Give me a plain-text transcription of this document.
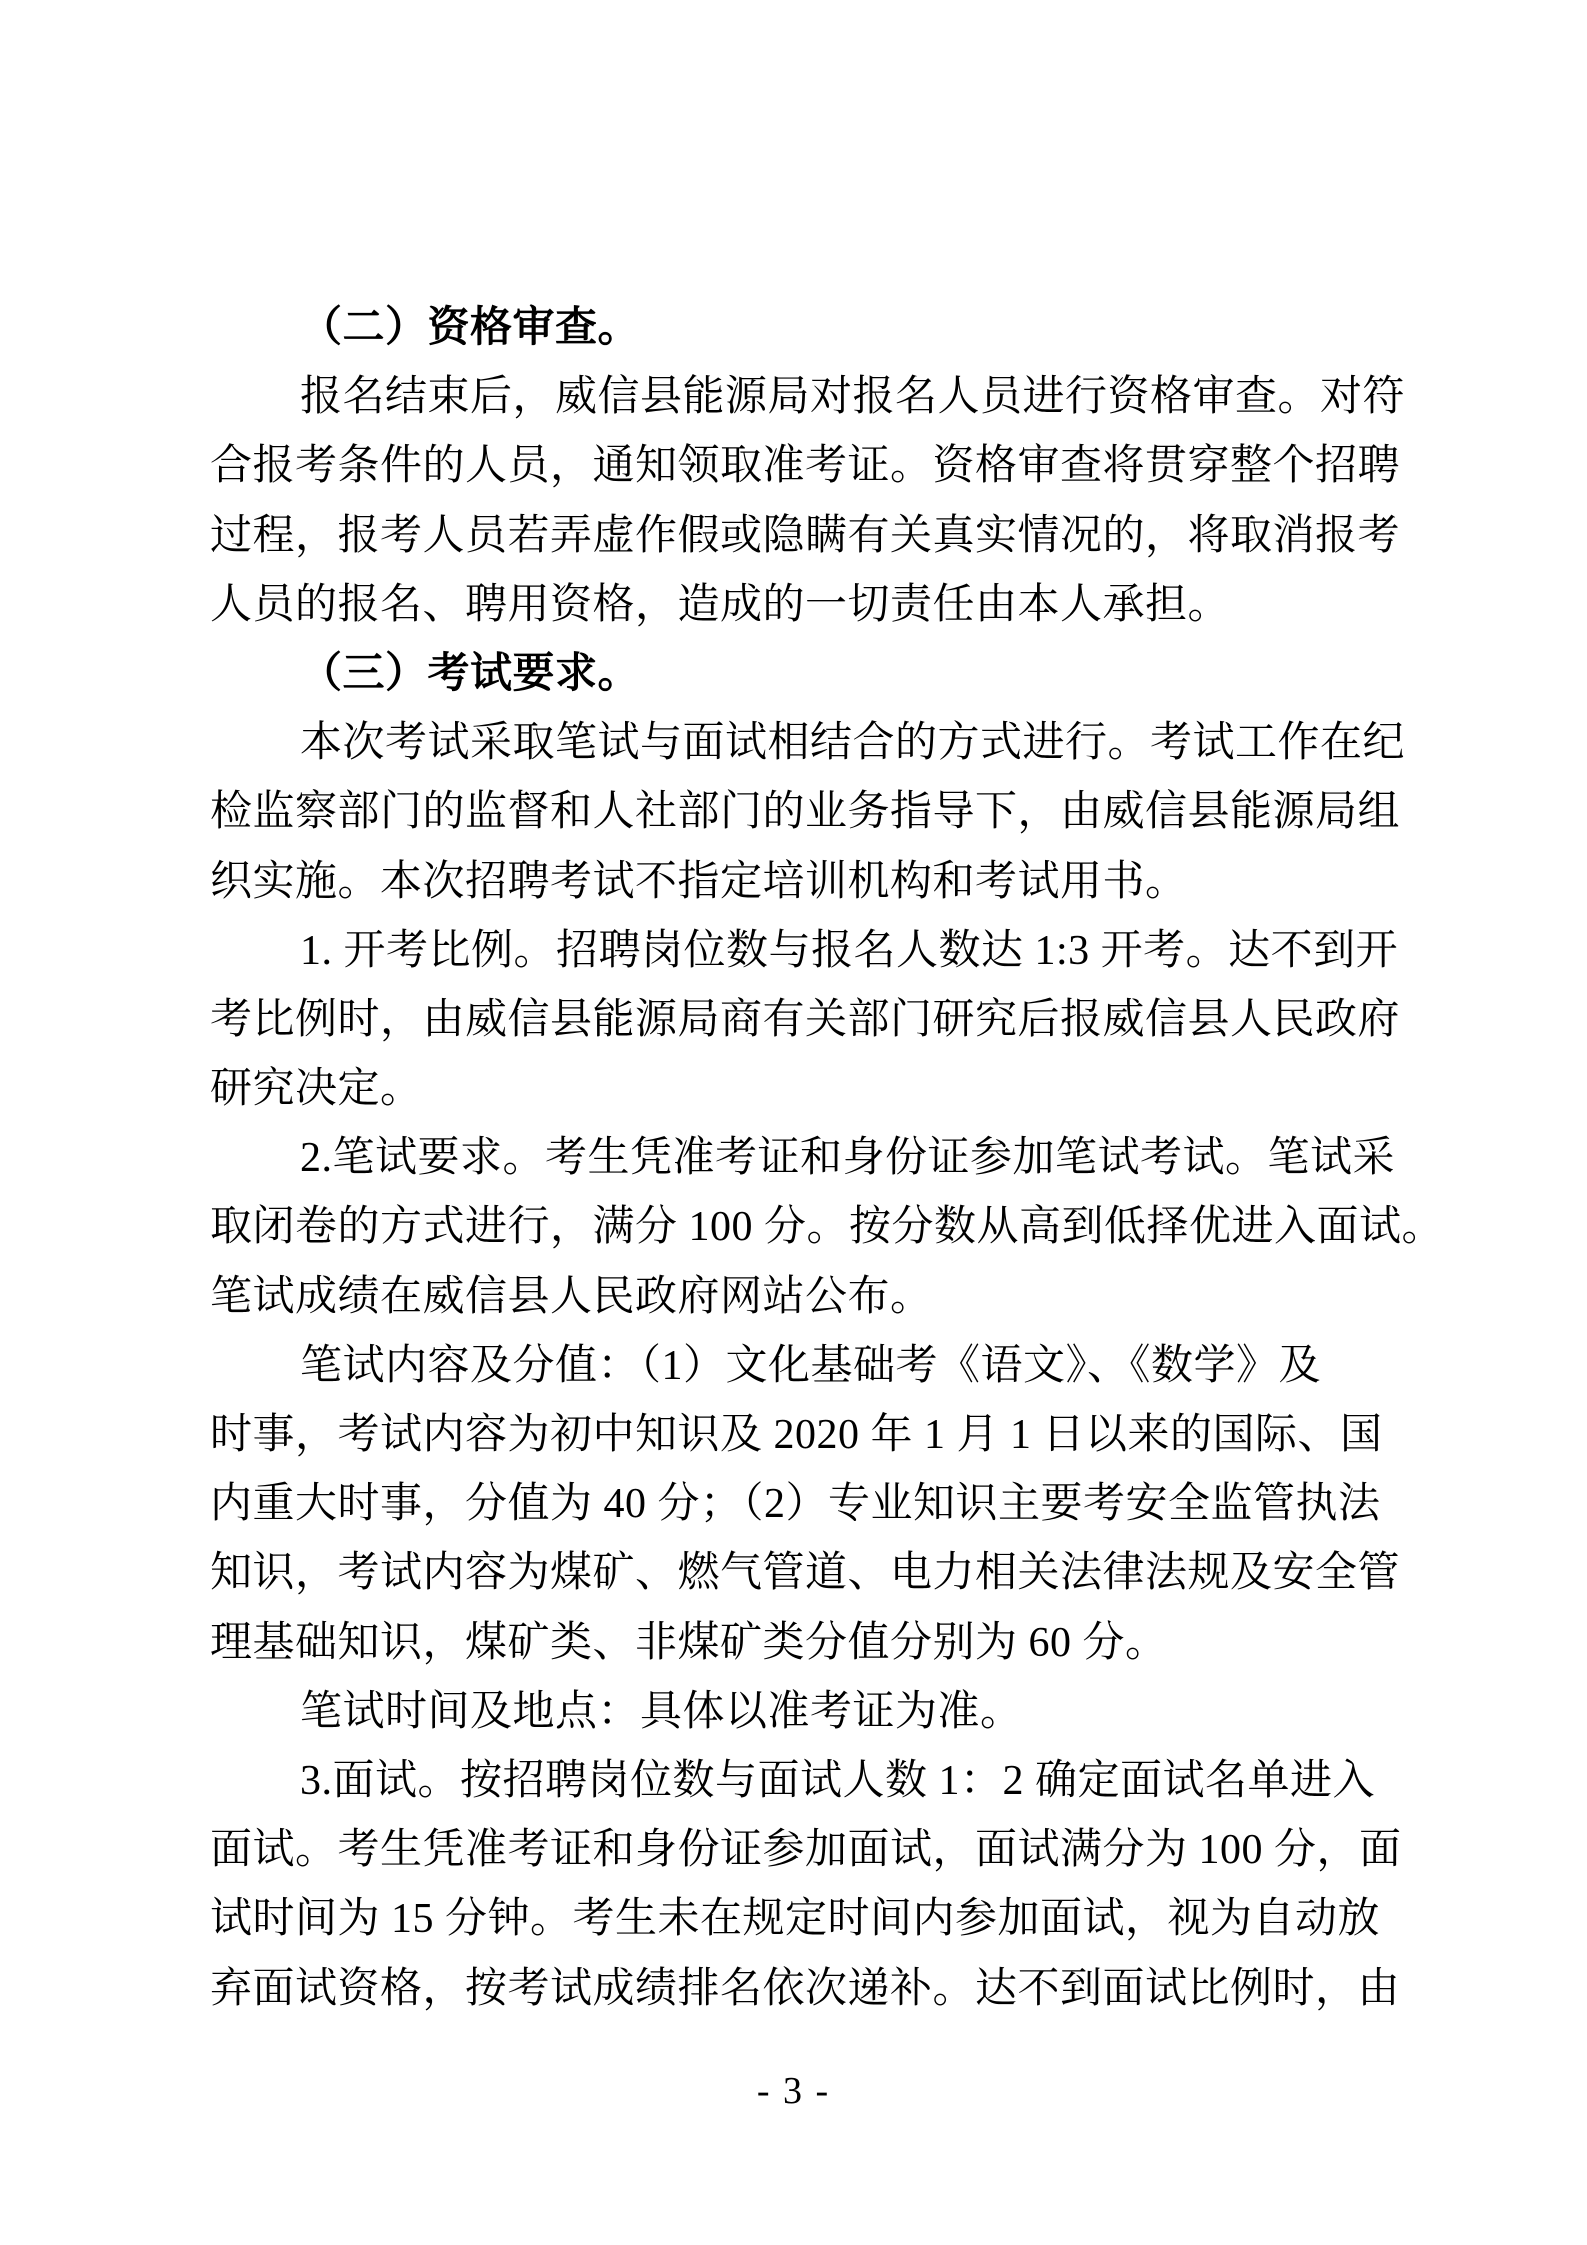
（二）资格审查。
报名结束后，威信县能源局对报名人员进行资格审查。对符
合报考条件的人员，通知领取准考证。资格审查将贯穿整个招聘
过程，报考人员若弄虚作假或隐瞒有关真实情况的，将取消报考
人员的报名、聘用资格，造成的一切责任由本人承担。
（三）考试要求。
本次考试采取笔试与面试相结合的方式进行。考试工作在纪
检监察部门的监督和人社部门的业务指导下，由威信县能源局组
织实施。本次招聘考试不指定培训机构和考试用书。
1. 开考比例。招聘岗位数与报名人数达 1:3 开考。达不到开
考比例时，由威信县能源局商有关部门研究后报威信县人民政府
研究决定。
2.笔试要求。考生凭准考证和身份证参加笔试考试。笔试采
取闭卷的方式进行，满分 100 分。按分数从高到低择优进入面试。
笔试成绩在威信县人民政府网站公布。
笔试内容及分值：（1）文化基础考《语文》、《数学》及
时事，考试内容为初中知识及 2020 年 1 月 1 日以来的国际、国
内重大时事，分值为 40 分；（2）专业知识主要考安全监管执法
知识，考试内容为煤矿、燃气管道、电力相关法律法规及安全管
理基础知识，煤矿类、非煤矿类分值分别为 60 分。
笔试时间及地点：具体以准考证为准。
3.面试。按招聘岗位数与面试人数 1：2 确定面试名单进入
面试。考生凭准考证和身份证参加面试，面试满分为 100 分，面
试时间为 15 分钟。考生未在规定时间内参加面试，视为自动放
弃面试资格，按考试成绩排名依次递补。达不到面试比例时，由
- 3 -
